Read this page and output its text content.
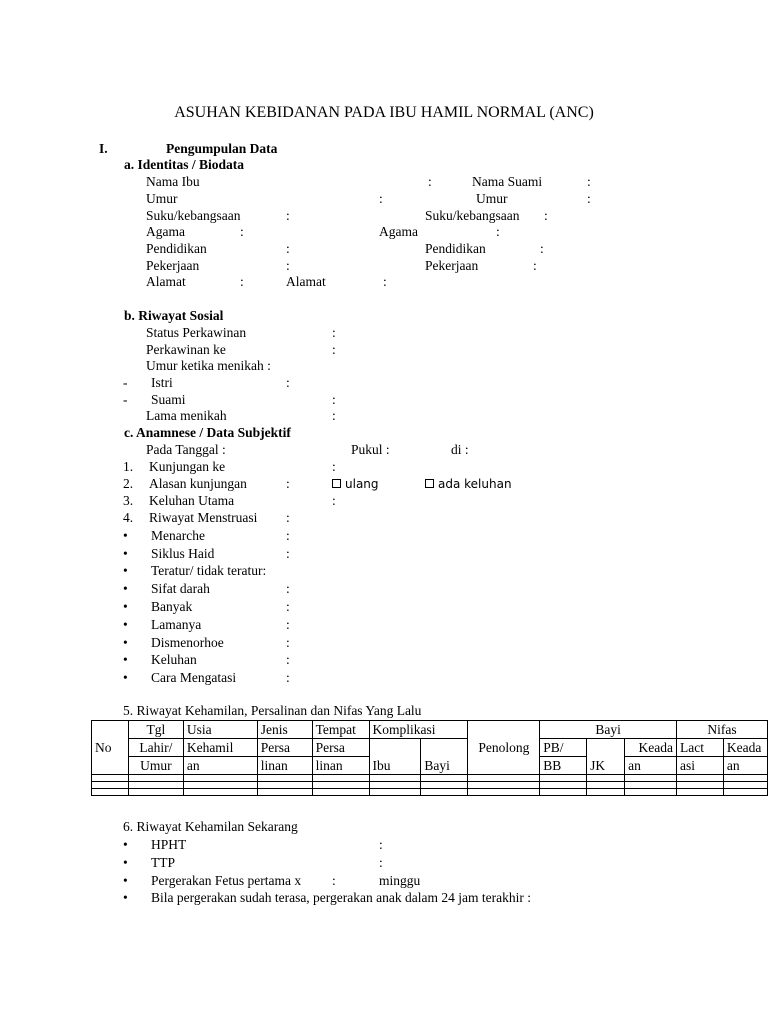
ASUHAN KEBIDANAN PADA IBU HAMIL NORMAL (ANC)
I.	Pengumpulan Data
a. Identitas / Biodata
Nama Ibu	:	Nama Suami	:
Umur	:	Umur	:
Suku/kebangsaan	:	Suku/kebangsaan :
Agama	:	Agama	:
Pendidikan	:	Pendidikan	:
Pekerjaan	:	Pekerjaan	:
Alamat	:	Alamat	:
b. Riwayat Sosial
Status Perkawinan	:
Perkawinan ke	:
Umur ketika menikah :
- Istri	:
- Suami	:
Lama menikah	:
c. Anamnese / Data Subjektif
Pada Tanggal :	Pukul :	di :
1. Kunjungan ke	:
2. Alasan kunjungan	:	ulang	ada keluhan
3. Keluhan Utama	:
4. Riwayat Menstruasi :
• Menarche	:
• Siklus Haid	:
• Teratur/ tidak teratur:
• Sifat darah	:
• Banyak	:
• Lamanya	:
• Dismenorhoe	:
• Keluhan	:
• Cara Mengatasi	:
5. Riwayat Kehamilan, Persalinan dan Nifas Yang Lalu
No	Tgl	Usia	Jenis	Tempat	Komplikasi		Penolong	Bayi			Nifas	
	Lahir/	Kehamil	Persa	Persa	Ibu	Bayi		PB/	JK	Keada	Lact	Keada
	Umur	an	linan	linan				BB		an	asi	an

6. Riwayat Kehamilan Sekarang
• HPHT	:
• TTP	:
• Pergerakan Fetus pertama x :	minggu
• Bila pergerakan sudah terasa, pergerakan anak dalam 24 jam terakhir :
